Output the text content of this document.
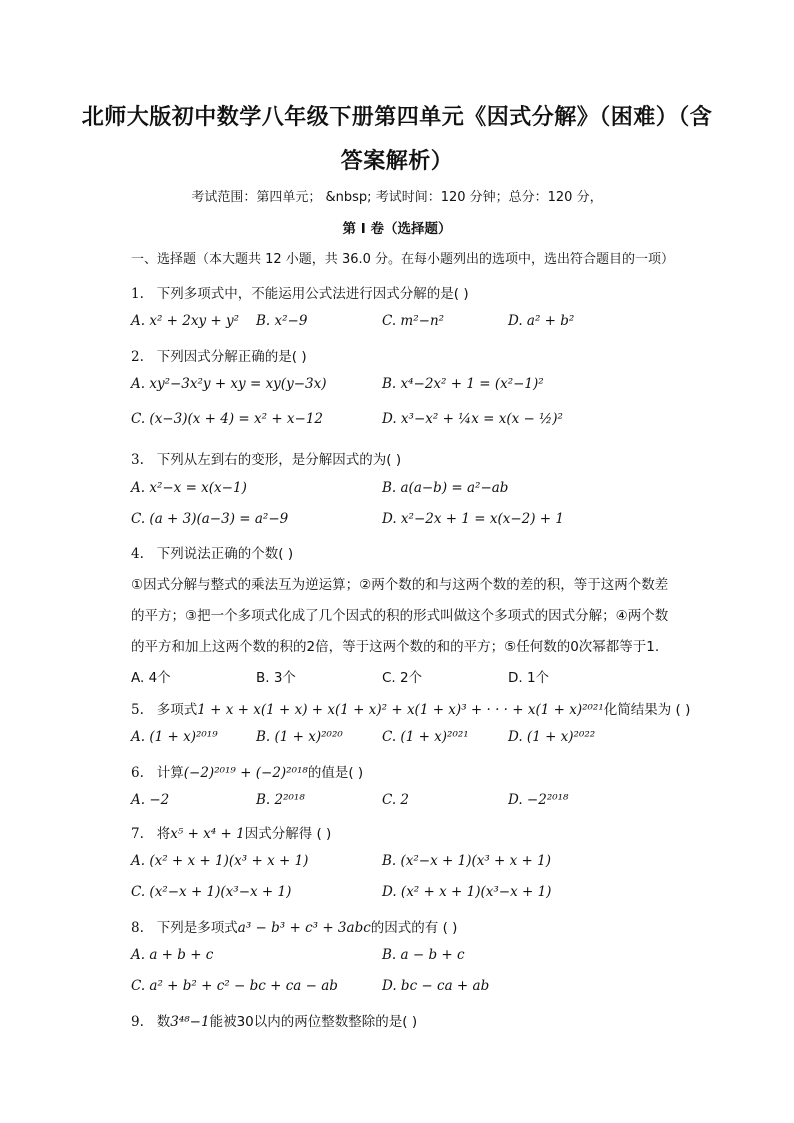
北师大版初中数学八年级下册第四单元《因式分解》（困难）（含
答案解析）
考试范围：第四单元； &nbsp; 考试时间：120 分钟；总分：120 分，
第 I 卷（选择题）
一、选择题（本大题共 12 小题，共 36.0 分。在每小题列出的选项中，选出符合题目的一项）
1. 下列多项式中，不能运用公式法进行因式分解的是( )
A. x² + 2xy + y² B. x²−9	C. m²−n²	D. a² + b²
2. 下列因式分解正确的是( )
A. xy²−3x²y + xy = xy(y−3x)	B. x⁴−2x² + 1 = (x²−1)²
C. (x−3)(x + 4) = x² + x−12	D. x³−x² + ¼x = x(x − ½)²
3. 下列从左到右的变形，是分解因式的为( )
A. x²−x = x(x−1)	B. a(a−b) = a²−ab
C. (a + 3)(a−3) = a²−9	D. x²−2x + 1 = x(x−2) + 1
4. 下列说法正确的个数( )
①因式分解与整式的乘法互为逆运算；②两个数的和与这两个数的差的积，等于这两个数差
的平方；③把一个多项式化成了几个因式的积的形式叫做这个多项式的因式分解；④两个数
的平方和加上这两个数的积的2倍，等于这两个数的和的平方；⑤任何数的0次幂都等于1.
A. 4个	B. 3个	C. 2个	D. 1个
5. 多项式1 + x + x(1 + x) + x(1 + x)² + x(1 + x)³ + · · · + x(1 + x)²⁰²¹化简结果为 ( )
A. (1 + x)²⁰¹⁹	B. (1 + x)²⁰²⁰	C. (1 + x)²⁰²¹	D. (1 + x)²⁰²²
6. 计算(−2)²⁰¹⁹ + (−2)²⁰¹⁸的值是( )
A. −2	B. 2²⁰¹⁸	C. 2	D. −2²⁰¹⁸
7. 将x⁵ + x⁴ + 1因式分解得 ( )
A. (x² + x + 1)(x³ + x + 1)	B. (x²−x + 1)(x³ + x + 1)
C. (x²−x + 1)(x³−x + 1)	D. (x² + x + 1)(x³−x + 1)
8. 下列是多项式a³ − b³ + c³ + 3abc的因式的有 ( )
A. a + b + c	B. a − b + c
C. a² + b² + c² − bc + ca − ab	D. bc − ca + ab
9. 数3⁴⁸−1能被30以内的两位整数整除的是( )
